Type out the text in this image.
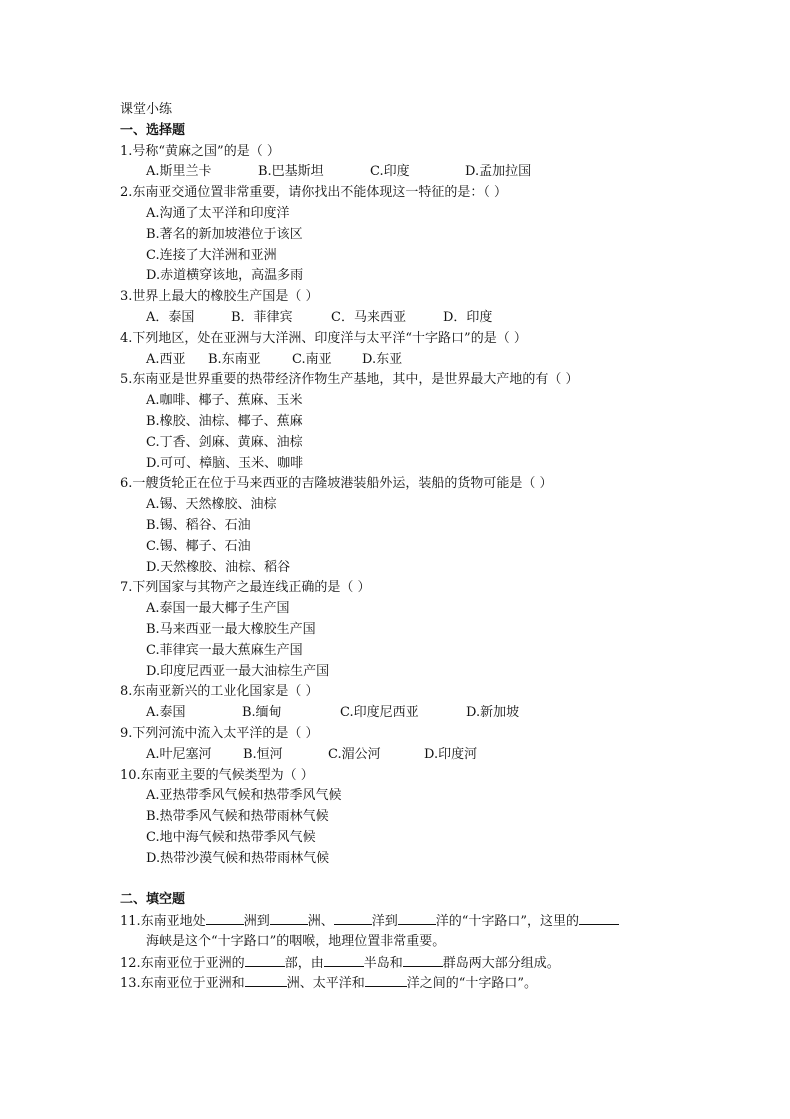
课堂小练
一、选择题
1.号称“黄麻之国”的是（ ）
A.斯里兰卡	B.巴基斯坦	C.印度	D.孟加拉国
2.东南亚交通位置非常重要，请你找出不能体现这一特征的是：（ ）
A.沟通了太平洋和印度洋
B.著名的新加坡港位于该区
C.连接了大洋洲和亚洲
D.赤道横穿该地，高温多雨
3.世界上最大的橡胶生产国是（ ）
A．泰国	B．菲律宾	C．马来西亚	D．印度
4.下列地区，处在亚洲与大洋洲、印度洋与太平洋“十字路口”的是（ ）
A.西亚	B.东南亚	C.南亚	D.东亚
5.东南亚是世界重要的热带经济作物生产基地，其中，是世界最大产地的有（ ）
A.咖啡、椰子、蕉麻、玉米
B.橡胶、油棕、椰子、蕉麻
C.丁香、剑麻、黄麻、油棕
D.可可、樟脑、玉米、咖啡
6.一艘货轮正在位于马来西亚的吉隆坡港装船外运，装船的货物可能是（ ）
A.锡、天然橡胶、油棕
B.锡、稻谷、石油
C.锡、椰子、石油
D.天然橡胶、油棕、稻谷
7.下列国家与其物产之最连线正确的是（ ）
A.泰国一最大椰子生产国
B.马来西亚一最大橡胶生产国
C.菲律宾一最大蕉麻生产国
D.印度尼西亚一最大油棕生产国
8.东南亚新兴的工业化国家是（ ）
A.泰国	B.缅甸	C.印度尼西亚	D.新加坡
9.下列河流中流入太平洋的是（ ）
A.叶尼塞河	B.恒河	C.湄公河	D.印度河
10.东南亚主要的气候类型为（ ）
A.亚热带季风气候和热带季风气候
B.热带季风气候和热带雨林气候
C.地中海气候和热带季风气候
D.热带沙漠气候和热带雨林气候
二、填空题
11.东南亚地处	洲到	洲、	洋到	洋的“十字路口”，这里的
海峡是这个“十字路口”的咽喉，地理位置非常重要。
12.东南亚位于亚洲的	部，由	半岛和	群岛两大部分组成。
13.东南亚位于亚洲和	洲、太平洋和	洋之间的“十字路口”。
